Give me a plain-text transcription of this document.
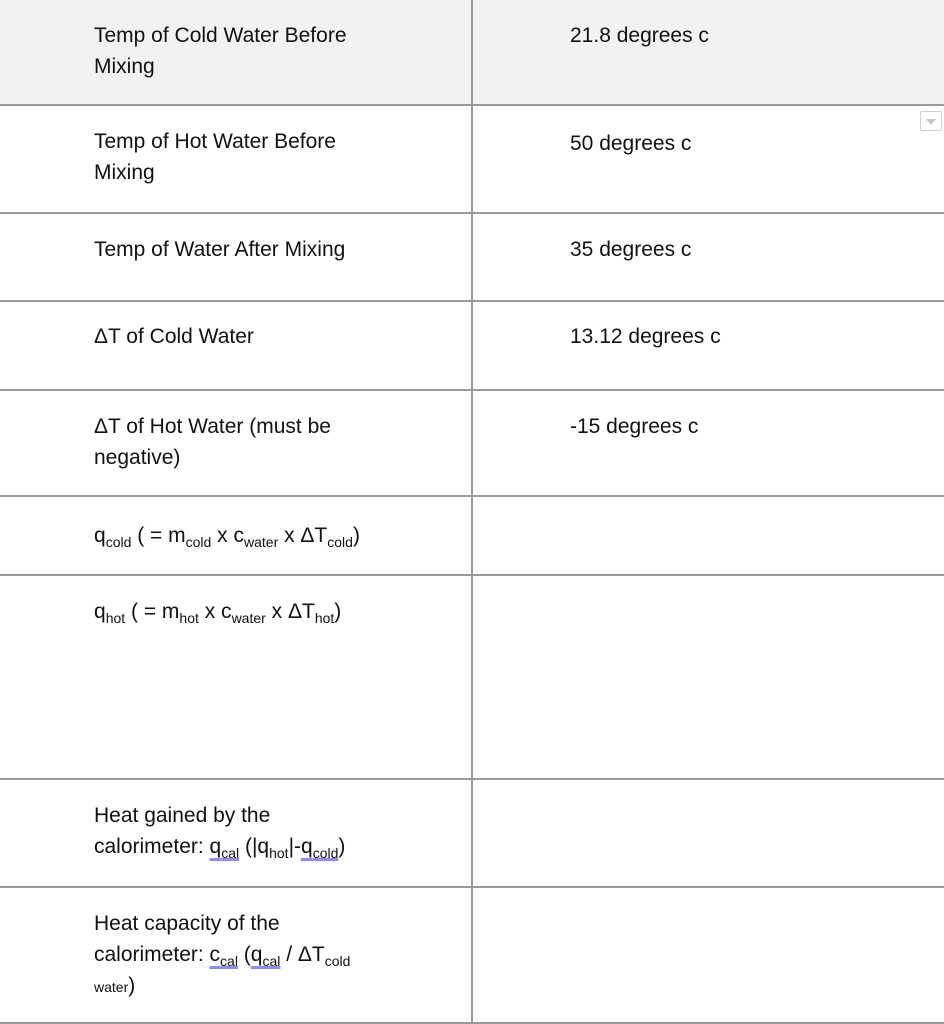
Temp of Cold Water Before
Mixing
21.8 degrees c
Temp of Hot Water Before
Mixing
50 degrees c
Temp of Water After Mixing	35 degrees c
ΔT of Cold Water	13.12 degrees c
ΔT of Hot Water (must be
negative)
-15 degrees c
$q_{cold}$ ( = $m_{cold}$ x $c_{water}$ x $\Delta T_{cold}$)
$q_{hot}$ ( = $m_{hot}$ x $c_{water}$ x $\Delta T_{hot}$)
Heat gained by the
calorimeter: $q_{cal}$ $(|q_{hot}|-q_{cold})$
Heat capacity of the
calorimeter: $c_{cal}$ ($q_{cal} / \Delta T_{cold}$
water)
